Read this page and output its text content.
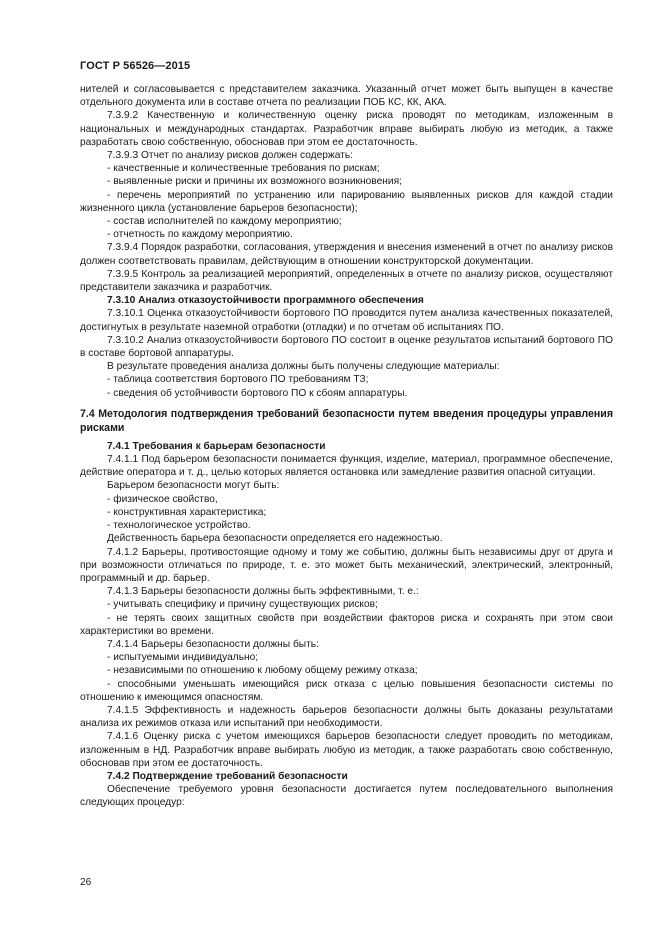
ГОСТ Р 56526—2015

нителей и согласовывается с представителем заказчика. Указанный отчет может быть выпущен в качестве отдельного документа или в составе отчета по реализации ПОБ КС, КК, АКА.

7.3.9.2 Качественную и количественную оценку риска проводят по методикам, изложенным в национальных и международных стандартах. Разработчик вправе выбирать любую из методик, а также разработать свою собственную, обосновав при этом ее достаточность.

7.3.9.3 Отчет по анализу рисков должен содержать:

- качественные и количественные требования по рискам;

- выявленные риски и причины их возможного возникновения;

- перечень мероприятий по устранению или парированию выявленных рисков для каждой стадии жизненного цикла (установление барьеров безопасности);

- состав исполнителей по каждому мероприятию;

- отчетность по каждому мероприятию.

7.3.9.4 Порядок разработки, согласования, утверждения и внесения изменений в отчет по анализу рисков должен соответствовать правилам, действующим в отношении конструкторской документации.

7.3.9.5 Контроль за реализацией мероприятий, определенных в отчете по анализу рисков, осуществляют представители заказчика и разработчик.

7.3.10 Анализ отказоустойчивости программного обеспечения

7.3.10.1 Оценка отказоустойчивости бортового ПО проводится путем анализа качественных показателей, достигнутых в результате наземной отработки (отладки) и по отчетам об испытаниях ПО.

7.3.10.2 Анализ отказоустойчивости бортового ПО состоит в оценке результатов испытаний бортового ПО в составе бортовой аппаратуры.

В результате проведения анализа должны быть получены следующие материалы:

- таблица соответствия бортового ПО требованиям ТЗ;

- сведения об устойчивости бортового ПО к сбоям аппаратуры.

7.4 Методология подтверждения требований безопасности путем введения процедуры управления рисками

7.4.1 Требования к барьерам безопасности

7.4.1.1 Под барьером безопасности понимается функция, изделие, материал, программное обеспечение, действие оператора и т. д., целью которых является остановка или замедление развития опасной ситуации.

Барьером безопасности могут быть:

- физическое свойство,

- конструктивная характеристика;

- технологическое устройство.

Действенность барьера безопасности определяется его надежностью.

7.4.1.2 Барьеры, противостоящие одному и тому же событию, должны быть независимы друг от друга и при возможности отличаться по природе, т. е. это может быть механический, электрический, электронный, программный и др. барьер.

7.4.1.3 Барьеры безопасности должны быть эффективными, т. е.:

- учитывать специфику и причину существующих рисков;

- не терять своих защитных свойств при воздействии факторов риска и сохранять при этом свои характеристики во времени.

7.4.1.4 Барьеры безопасности должны быть:

- испытуемыми индивидуально;

- независимыми по отношению к любому общему режиму отказа;

- способными уменьшать имеющийся риск отказа с целью повышения безопасности системы по отношению к имеющимся опасностям.

7.4.1.5 Эффективность и надежность барьеров безопасности должны быть доказаны результатами анализа их режимов отказа или испытаний при необходимости.

7.4.1.6 Оценку риска с учетом имеющихся барьеров безопасности следует проводить по методикам, изложенным в НД. Разработчик вправе выбирать любую из методик, а также разработать свою собственную, обосновав при этом ее достаточность.

7.4.2 Подтверждение требований безопасности

Обеспечение требуемого уровня безопасности достигается путем последовательного выполнения следующих процедур:

26
